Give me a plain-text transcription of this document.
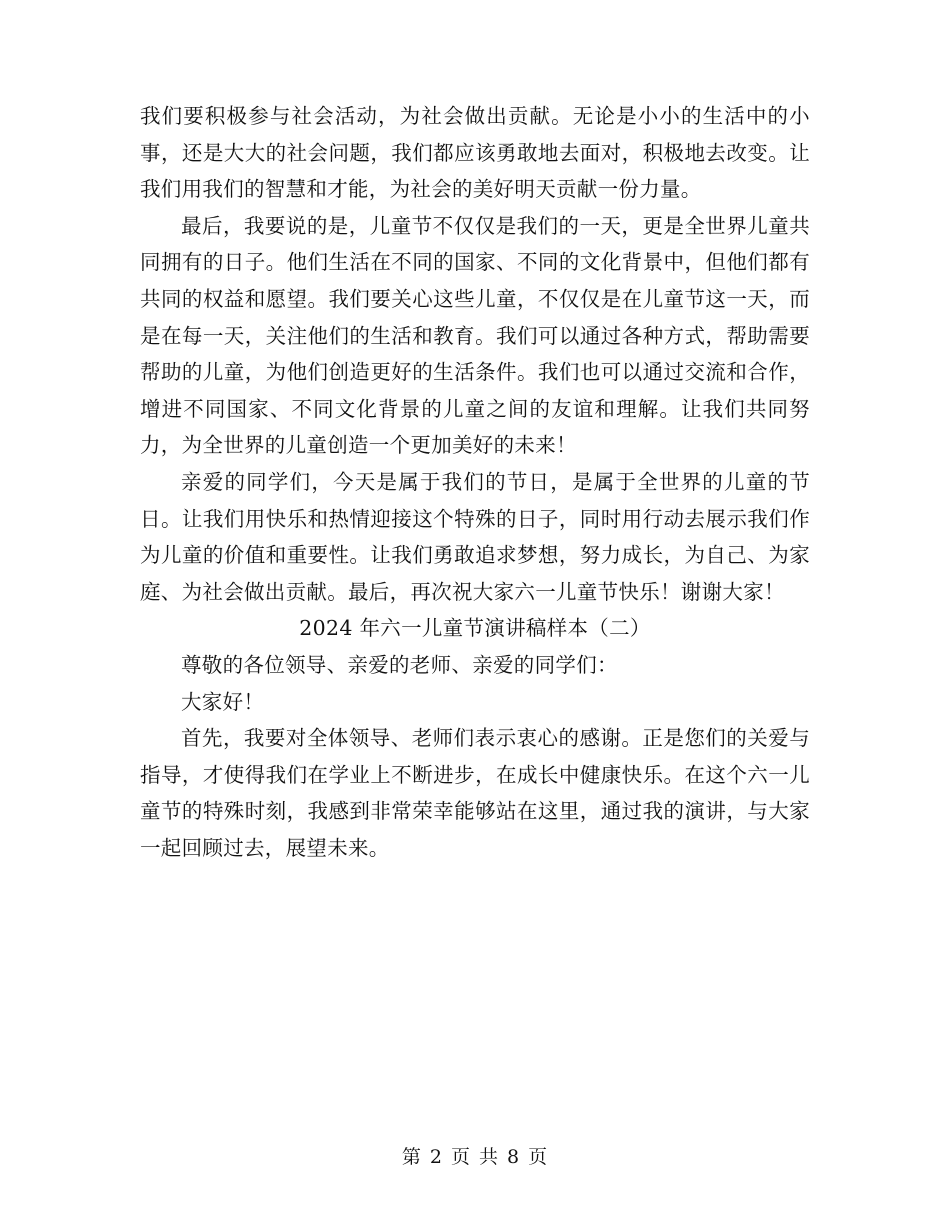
我们要积极参与社会活动，为社会做出贡献。无论是小小的生活中的小事，还是大大的社会问题，我们都应该勇敢地去面对，积极地去改变。让我们用我们的智慧和才能，为社会的美好明天贡献一份力量。

最后，我要说的是，儿童节不仅仅是我们的一天，更是全世界儿童共同拥有的日子。他们生活在不同的国家、不同的文化背景中，但他们都有共同的权益和愿望。我们要关心这些儿童，不仅仅是在儿童节这一天，而是在每一天，关注他们的生活和教育。我们可以通过各种方式，帮助需要帮助的儿童，为他们创造更好的生活条件。我们也可以通过交流和合作，增进不同国家、不同文化背景的儿童之间的友谊和理解。让我们共同努力，为全世界的儿童创造一个更加美好的未来！

亲爱的同学们，今天是属于我们的节日，是属于全世界的儿童的节日。让我们用快乐和热情迎接这个特殊的日子，同时用行动去展示我们作为儿童的价值和重要性。让我们勇敢追求梦想，努力成长，为自己、为家庭、为社会做出贡献。最后，再次祝大家六一儿童节快乐！谢谢大家！

2024 年六一儿童节演讲稿样本（二）

尊敬的各位领导、亲爱的老师、亲爱的同学们：

大家好！

首先，我要对全体领导、老师们表示衷心的感谢。正是您们的关爱与指导，才使得我们在学业上不断进步，在成长中健康快乐。在这个六一儿童节的特殊时刻，我感到非常荣幸能够站在这里，通过我的演讲，与大家一起回顾过去，展望未来。

第 2 页 共 8 页
